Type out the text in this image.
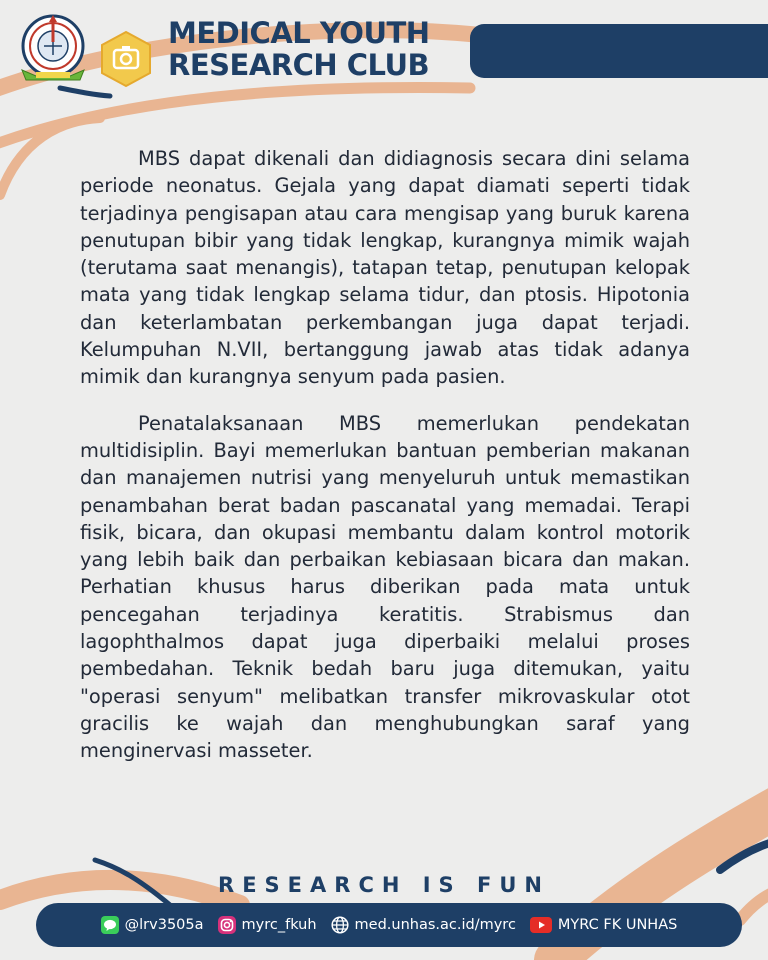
MEDICAL YOUTH
RESEARCH CLUB

MBS dapat dikenali dan didiagnosis secara dini selama periode neonatus. Gejala yang dapat diamati seperti tidak terjadinya pengisapan atau cara mengisap yang buruk karena penutupan bibir yang tidak lengkap, kurangnya mimik wajah (terutama saat menangis), tatapan tetap, penutupan kelopak mata yang tidak lengkap selama tidur, dan ptosis. Hipotonia dan keterlambatan perkembangan juga dapat terjadi. Kelumpuhan N.VII, bertanggung jawab atas tidak adanya mimik dan kurangnya senyum pada pasien.

Penatalaksanaan MBS memerlukan pendekatan multidisiplin. Bayi memerlukan bantuan pemberian makanan dan manajemen nutrisi yang menyeluruh untuk memastikan penambahan berat badan pascanatal yang memadai. Terapi fisik, bicara, dan okupasi membantu dalam kontrol motorik yang lebih baik dan perbaikan kebiasaan bicara dan makan. Perhatian khusus harus diberikan pada mata untuk pencegahan terjadinya keratitis. Strabismus dan lagophthalmos dapat juga diperbaiki melalui proses pembedahan. Teknik bedah baru juga ditemukan, yaitu "operasi senyum" melibatkan transfer mikrovaskular otot gracilis ke wajah dan menghubungkan saraf yang menginervasi masseter.

RESEARCH IS FUN
@lrv3505a	myrc_fkuh	med.unhas.ac.id/myrc	MYRC FK UNHAS
